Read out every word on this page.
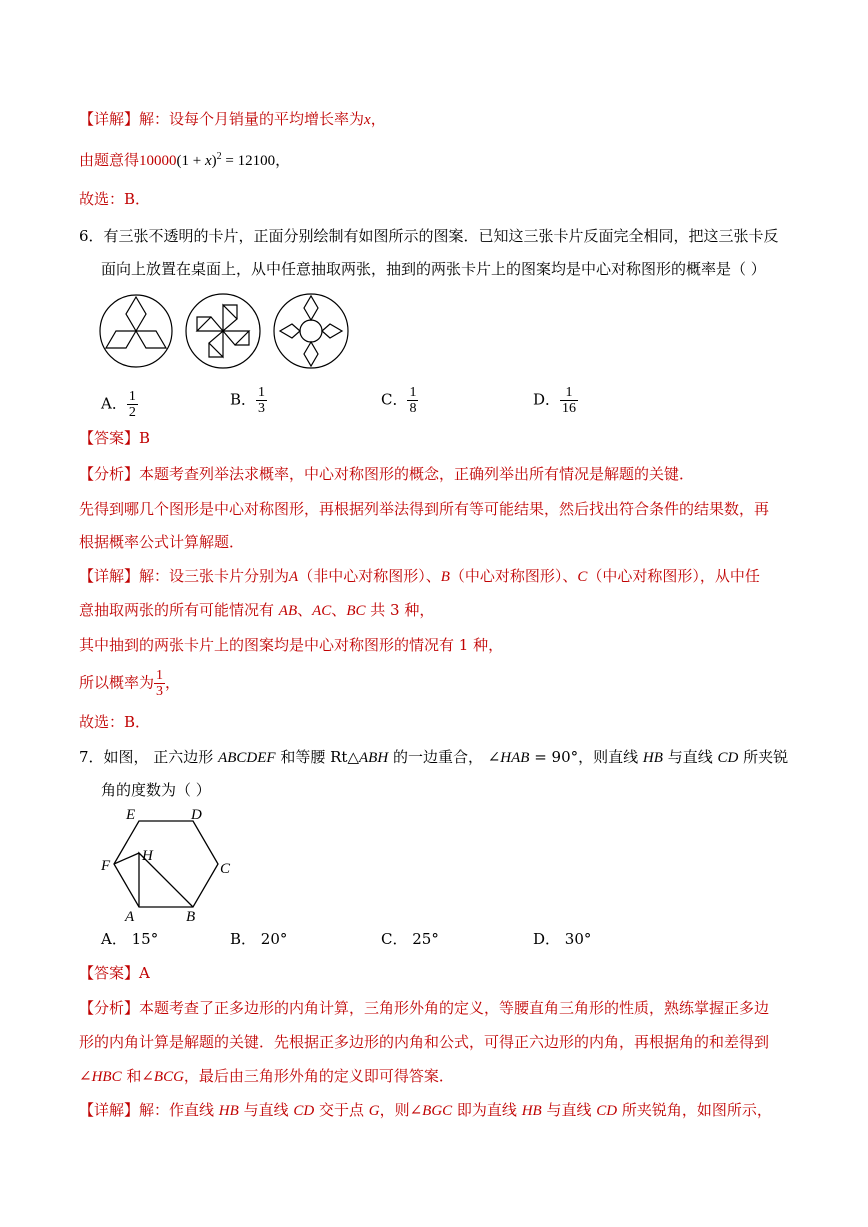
【详解】解：设每个月销量的平均增长率为x，
由题意得$10000(1 + x)^2 = 12100$，
故选：B．
6．有三张不透明的卡片，正面分别绘制有如图所示的图案．已知这三张卡片反面完全相同，把这三张卡反
面向上放置在桌面上，从中任意抽取两张，抽到的两张卡片上的图案均是中心对称图形的概率是（ ）
A． $\frac{1}{2}$	B． $\frac{1}{3}$	C． $\frac{1}{8}$	D． $\frac{1}{16}$
【答案】B
【分析】本题考查列举法求概率，中心对称图形的概念，正确列举出所有情况是解题的关键．
先得到哪几个图形是中心对称图形，再根据列举法得到所有等可能结果，然后找出符合条件的结果数，再
根据概率公式计算解题．
【详解】解：设三张卡片分别为A（非中心对称图形）、B（中心对称图形）、C（中心对称图形），从中任
意抽取两张的所有可能情况有 AB、AC、BC 共 3 种，
其中抽到的两张卡片上的图案均是中心对称图形的情况有 1 种，
所以概率为 $\frac{1}{3}$ ，
故选：B．
7．如图， 正六边形 ABCDEF 和等腰 Rt△ABH 的一边重合， ∠HAB = 90°，则直线 HB 与直线 CD 所夹锐
角的度数为（ ）
E	D
F
H
C
A	B
A． 15°	B． 20°	C． 25°	D． 30°
【答案】A
【分析】本题考查了正多边形的内角计算，三角形外角的定义，等腰直角三角形的性质，熟练掌握正多边
形的内角计算是解题的关键．先根据正多边形的内角和公式，可得正六边形的内角，再根据角的和差得到
∠HBC 和∠BCG，最后由三角形外角的定义即可得答案．
【详解】解：作直线 HB 与直线 CD 交于点 G，则∠BGC 即为直线 HB 与直线 CD 所夹锐角，如图所示，
